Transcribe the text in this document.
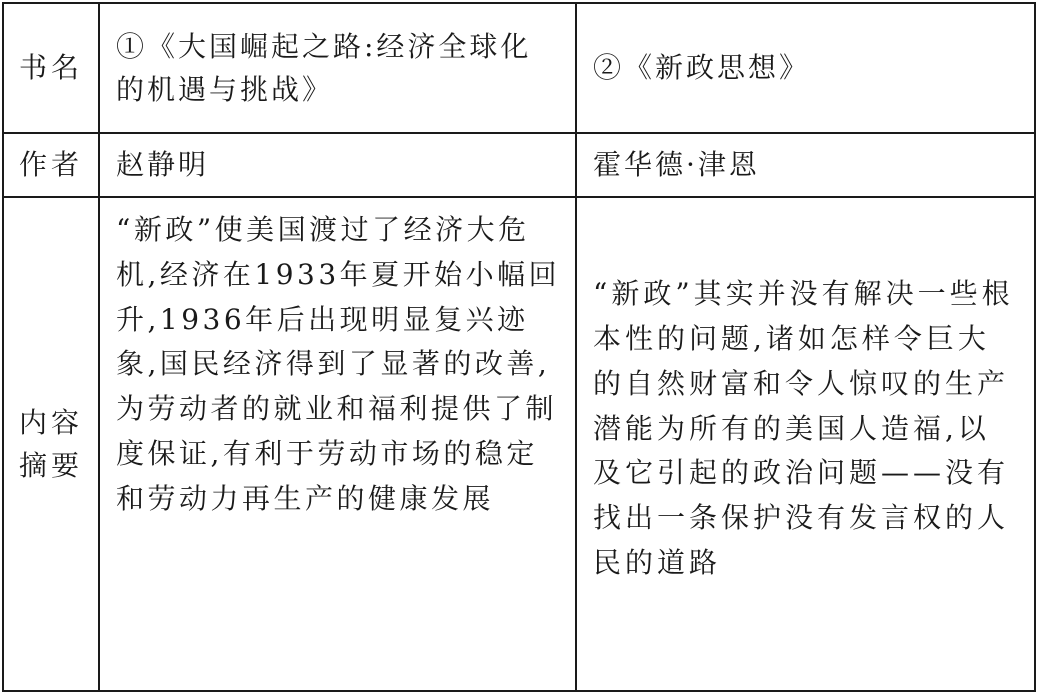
书名	①《大国崛起之路:经济全球化的机遇与挑战》	②《新政思想》
作者	赵静明	霍华德·津恩

内容
摘要	“新政”使美国渡过了经济大危机,经济在1933年夏开始小幅回升,1936年后出现明显复兴迹象,国民经济得到了显著的改善,为劳动者的就业和福利提供了制度保证,有利于劳动市场的稳定和劳动力再生产的健康发展	“新政”其实并没有解决一些根本性的问题,诸如怎样令巨大的自然财富和令人惊叹的生产潜能为所有的美国人造福,以及它引起的政治问题——没有找出一条保护没有发言权的人民的道路
